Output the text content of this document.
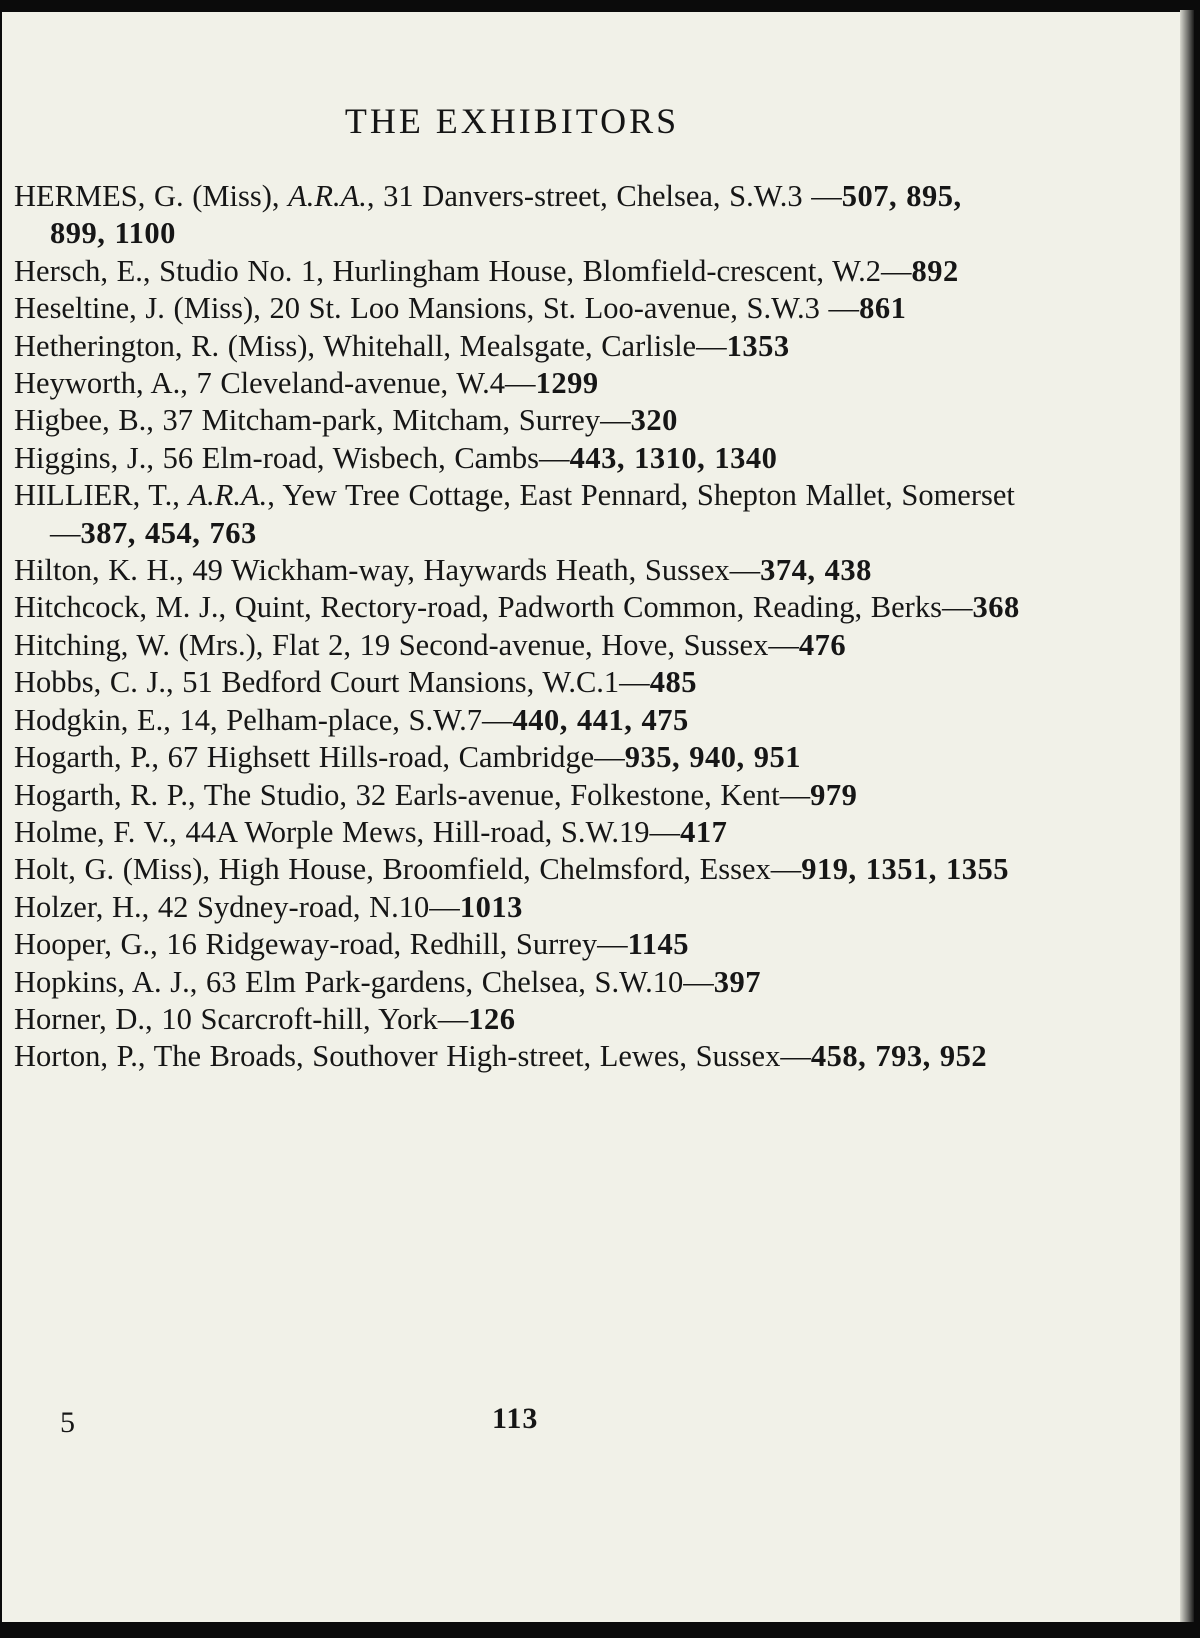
THE EXHIBITORS
HERMES, G. (Miss), A.R.A., 31 Danvers-street, Chelsea, S.W.3 —507, 895, 899, 1100
Hersch, E., Studio No. 1, Hurlingham House, Blomfield-crescent, W.2—892
Heseltine, J. (Miss), 20 St. Loo Mansions, St. Loo-avenue, S.W.3 —861
Hetherington, R. (Miss), Whitehall, Mealsgate, Carlisle—1353
Heyworth, A., 7 Cleveland-avenue, W.4—1299
Higbee, B., 37 Mitcham-park, Mitcham, Surrey—320
Higgins, J., 56 Elm-road, Wisbech, Cambs—443, 1310, 1340
HILLIER, T., A.R.A., Yew Tree Cottage, East Pennard, Shepton Mallet, Somerset—387, 454, 763
Hilton, K. H., 49 Wickham-way, Haywards Heath, Sussex—374, 438
Hitchcock, M. J., Quint, Rectory-road, Padworth Common, Reading, Berks—368
Hitching, W. (Mrs.), Flat 2, 19 Second-avenue, Hove, Sussex—476
Hobbs, C. J., 51 Bedford Court Mansions, W.C.1—485
Hodgkin, E., 14, Pelham-place, S.W.7—440, 441, 475
Hogarth, P., 67 Highsett Hills-road, Cambridge—935, 940, 951
Hogarth, R. P., The Studio, 32 Earls-avenue, Folkestone, Kent—979
Holme, F. V., 44A Worple Mews, Hill-road, S.W.19—417
Holt, G. (Miss), High House, Broomfield, Chelmsford, Essex—919, 1351, 1355
Holzer, H., 42 Sydney-road, N.10—1013
Hooper, G., 16 Ridgeway-road, Redhill, Surrey—1145
Hopkins, A. J., 63 Elm Park-gardens, Chelsea, S.W.10—397
Horner, D., 10 Scarcroft-hill, York—126
Horton, P., The Broads, Southover High-street, Lewes, Sussex—458, 793, 952
5	113
